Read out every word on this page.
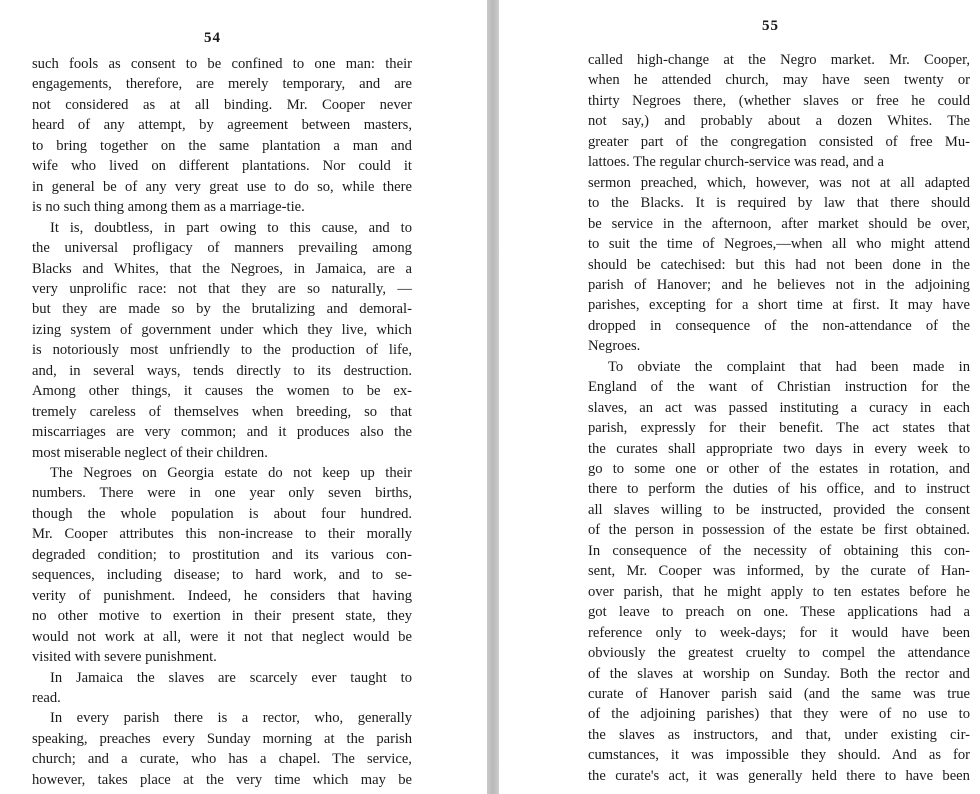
54
such fools as consent to be confined to one man: their
engagements, therefore, are merely temporary, and are
not considered as at all binding. Mr. Cooper never
heard of any attempt, by agreement between masters,
to bring together on the same plantation a man and
wife who lived on different plantations. Nor could it
in general be of any very great use to do so, while there
is no such thing among them as a marriage-tie.
It is, doubtless, in part owing to this cause, and to
the universal profligacy of manners prevailing among
Blacks and Whites, that the Negroes, in Jamaica, are a
very unprolific race: not that they are so naturally, —
but they are made so by the brutalizing and demoral-
izing system of government under which they live, which
is notoriously most unfriendly to the production of life,
and, in several ways, tends directly to its destruction.
Among other things, it causes the women to be ex-
tremely careless of themselves when breeding, so that
miscarriages are very common; and it produces also the
most miserable neglect of their children.
The Negroes on Georgia estate do not keep up their
numbers. There were in one year only seven births,
though the whole population is about four hundred.
Mr. Cooper attributes this non-increase to their morally
degraded condition; to prostitution and its various con-
sequences, including disease; to hard work, and to se-
verity of punishment. Indeed, he considers that having
no other motive to exertion in their present state, they
would not work at all, were it not that neglect would be
visited with severe punishment.
In Jamaica the slaves are scarcely ever taught to
read.
In every parish there is a rector, who, generally
speaking, preaches every Sunday morning at the parish
church; and a curate, who has a chapel. The service,
however, takes place at the very time which may be
55
called high-change at the Negro market. Mr. Cooper,
when he attended church, may have seen twenty or
thirty Negroes there, (whether slaves or free he could
not say,) and probably about a dozen Whites. The
greater part of the congregation consisted of free Mu-
lattoes. The regular church-service was read, and a
sermon preached, which, however, was not at all adapted
to the Blacks. It is required by law that there should
be service in the afternoon, after market should be over,
to suit the time of Negroes,—when all who might attend
should be catechised: but this had not been done in the
parish of Hanover; and he believes not in the adjoining
parishes, excepting for a short time at first. It may have
dropped in consequence of the non-attendance of the
Negroes.
To obviate the complaint that had been made in
England of the want of Christian instruction for the
slaves, an act was passed instituting a curacy in each
parish, expressly for their benefit. The act states that
the curates shall appropriate two days in every week to
go to some one or other of the estates in rotation, and
there to perform the duties of his office, and to instruct
all slaves willing to be instructed, provided the consent
of the person in possession of the estate be first obtained.
In consequence of the necessity of obtaining this con-
sent, Mr. Cooper was informed, by the curate of Han-
over parish, that he might apply to ten estates before he
got leave to preach on one. These applications had a
reference only to week-days; for it would have been
obviously the greatest cruelty to compel the attendance
of the slaves at worship on Sunday. Both the rector and
curate of Hanover parish said (and the same was true
of the adjoining parishes) that they were of no use to
the slaves as instructors, and that, under existing cir-
cumstances, it was impossible they should. And as for
the curate's act, it was generally held there to have been
